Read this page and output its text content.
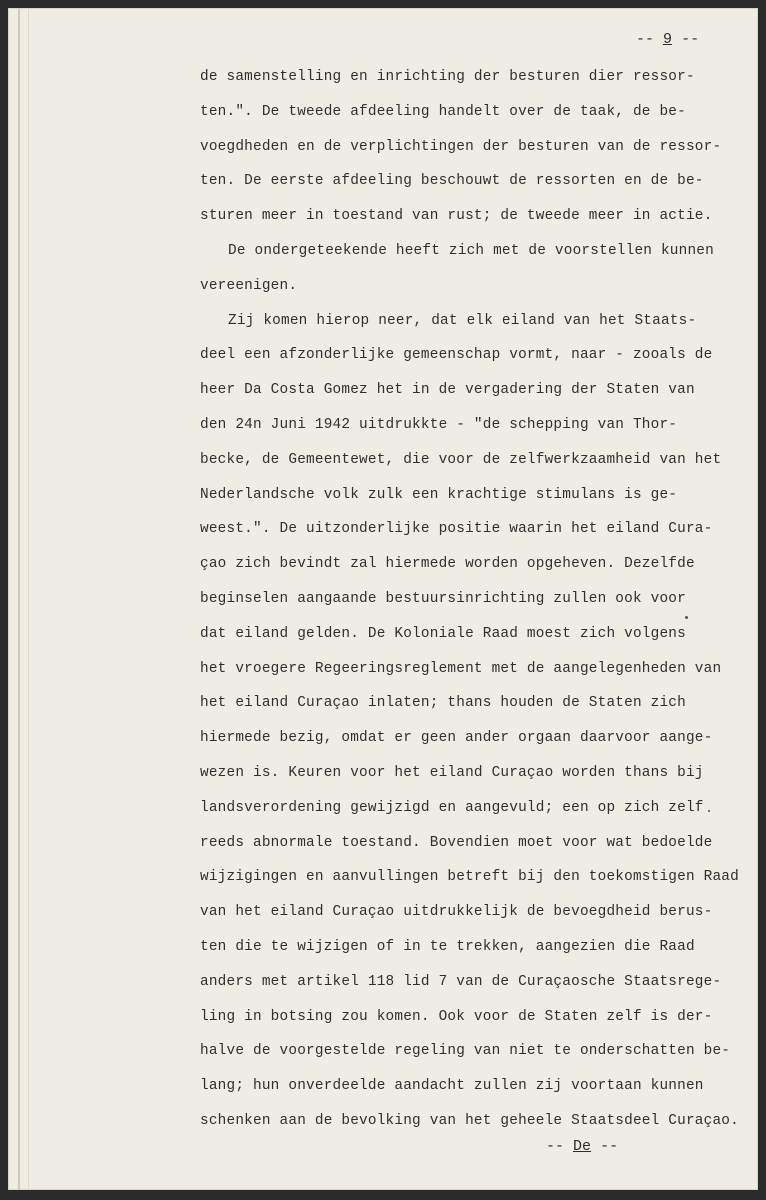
-- 9 --
de samenstelling en inrichting der besturen dier ressor-
ten.". De tweede afdeeling handelt over de taak, de be-
voegdheden en de verplichtingen der besturen van de ressor-
ten. De eerste afdeeling beschouwt de ressorten en de be-
sturen meer in toestand van rust; de tweede meer in actie.
De ondergeteekende heeft zich met de voorstellen kunnen
vereenigen.
Zij komen hierop neer, dat elk eiland van het Staats-
deel een afzonderlijke gemeenschap vormt, naar - zooals de
heer Da Costa Gomez het in de vergadering der Staten van
den 24n Juni 1942 uitdrukkte - "de schepping van Thor-
becke, de Gemeentewet, die voor de zelfwerkzaamheid van het
Nederlandsche volk zulk een krachtige stimulans is ge-
weest.". De uitzonderlijke positie waarin het eiland Cura-
çao zich bevindt zal hiermede worden opgeheven. Dezelfde
beginselen aangaande bestuursinrichting zullen ook voor
dat eiland gelden. De Koloniale Raad moest zich volgens
het vroegere Regeeringsreglement met de aangelegenheden van
het eiland Curaçao inlaten; thans houden de Staten zich
hiermede bezig, omdat er geen ander orgaan daarvoor aange-
wezen is. Keuren voor het eiland Curaçao worden thans bij
landsverordening gewijzigd en aangevuld; een op zich zelf
reeds abnormale toestand. Bovendien moet voor wat bedoelde
wijzigingen en aanvullingen betreft bij den toekomstigen Raad
van het eiland Curaçao uitdrukkelijk de bevoegdheid berus-
ten die te wijzigen of in te trekken, aangezien die Raad
anders met artikel 118 lid 7 van de Curaçaosche Staatsrege-
ling in botsing zou komen. Ook voor de Staten zelf is der-
halve de voorgestelde regeling van niet te onderschatten be-
lang; hun onverdeelde aandacht zullen zij voortaan kunnen
schenken aan de bevolking van het geheele Staatsdeel Curaçao.
-- De --
